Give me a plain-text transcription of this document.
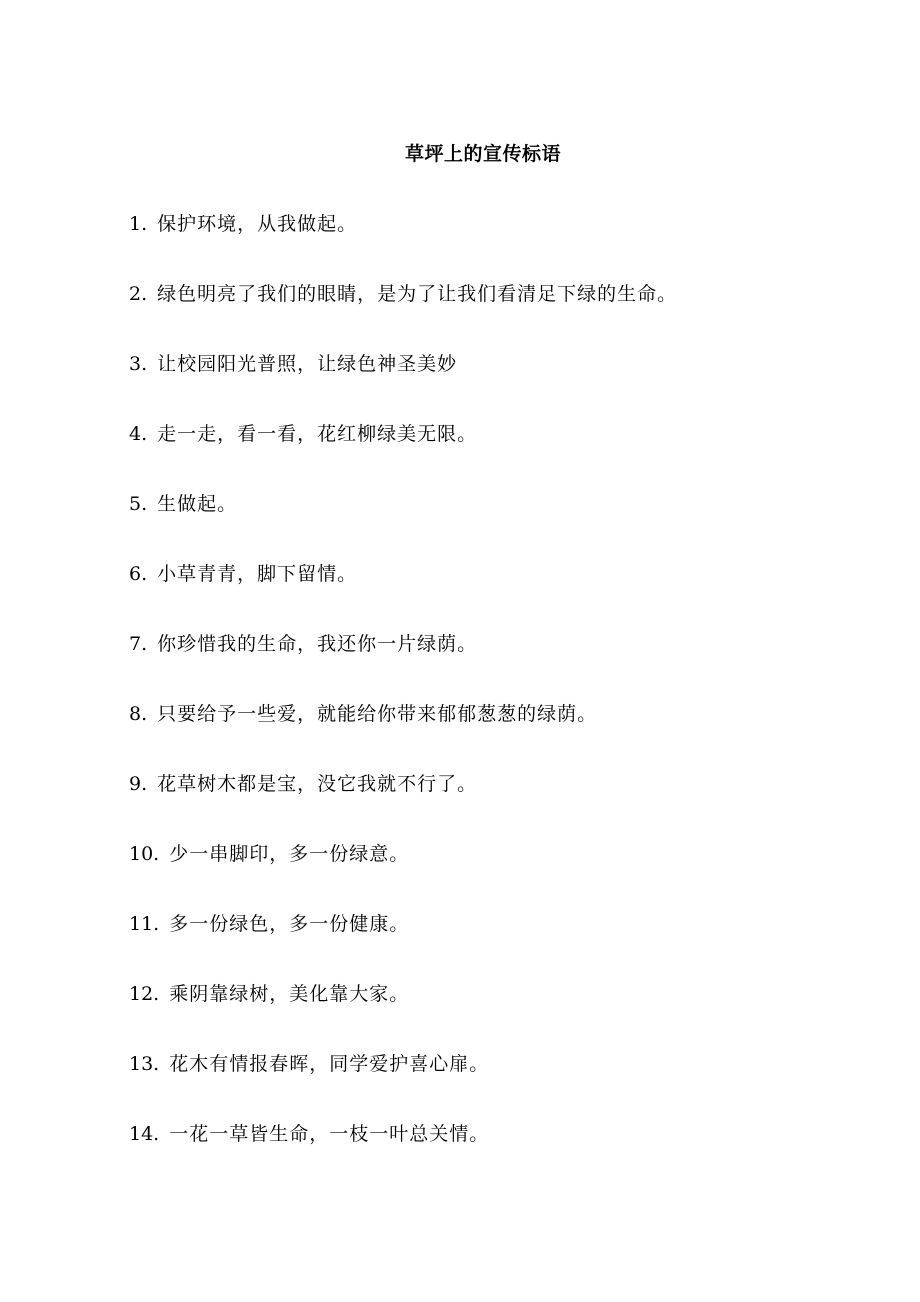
草坪上的宣传标语
1. 保护环境，从我做起。
2. 绿色明亮了我们的眼睛，是为了让我们看清足下绿的生命。
3. 让校园阳光普照，让绿色神圣美妙
4. 走一走，看一看，花红柳绿美无限。
5. 生做起。
6. 小草青青，脚下留情。
7. 你珍惜我的生命，我还你一片绿荫。
8. 只要给予一些爱，就能给你带来郁郁葱葱的绿荫。
9. 花草树木都是宝，没它我就不行了。
10. 少一串脚印，多一份绿意。
11. 多一份绿色，多一份健康。
12. 乘阴靠绿树，美化靠大家。
13. 花木有情报春晖，同学爱护喜心扉。
14. 一花一草皆生命，一枝一叶总关情。
